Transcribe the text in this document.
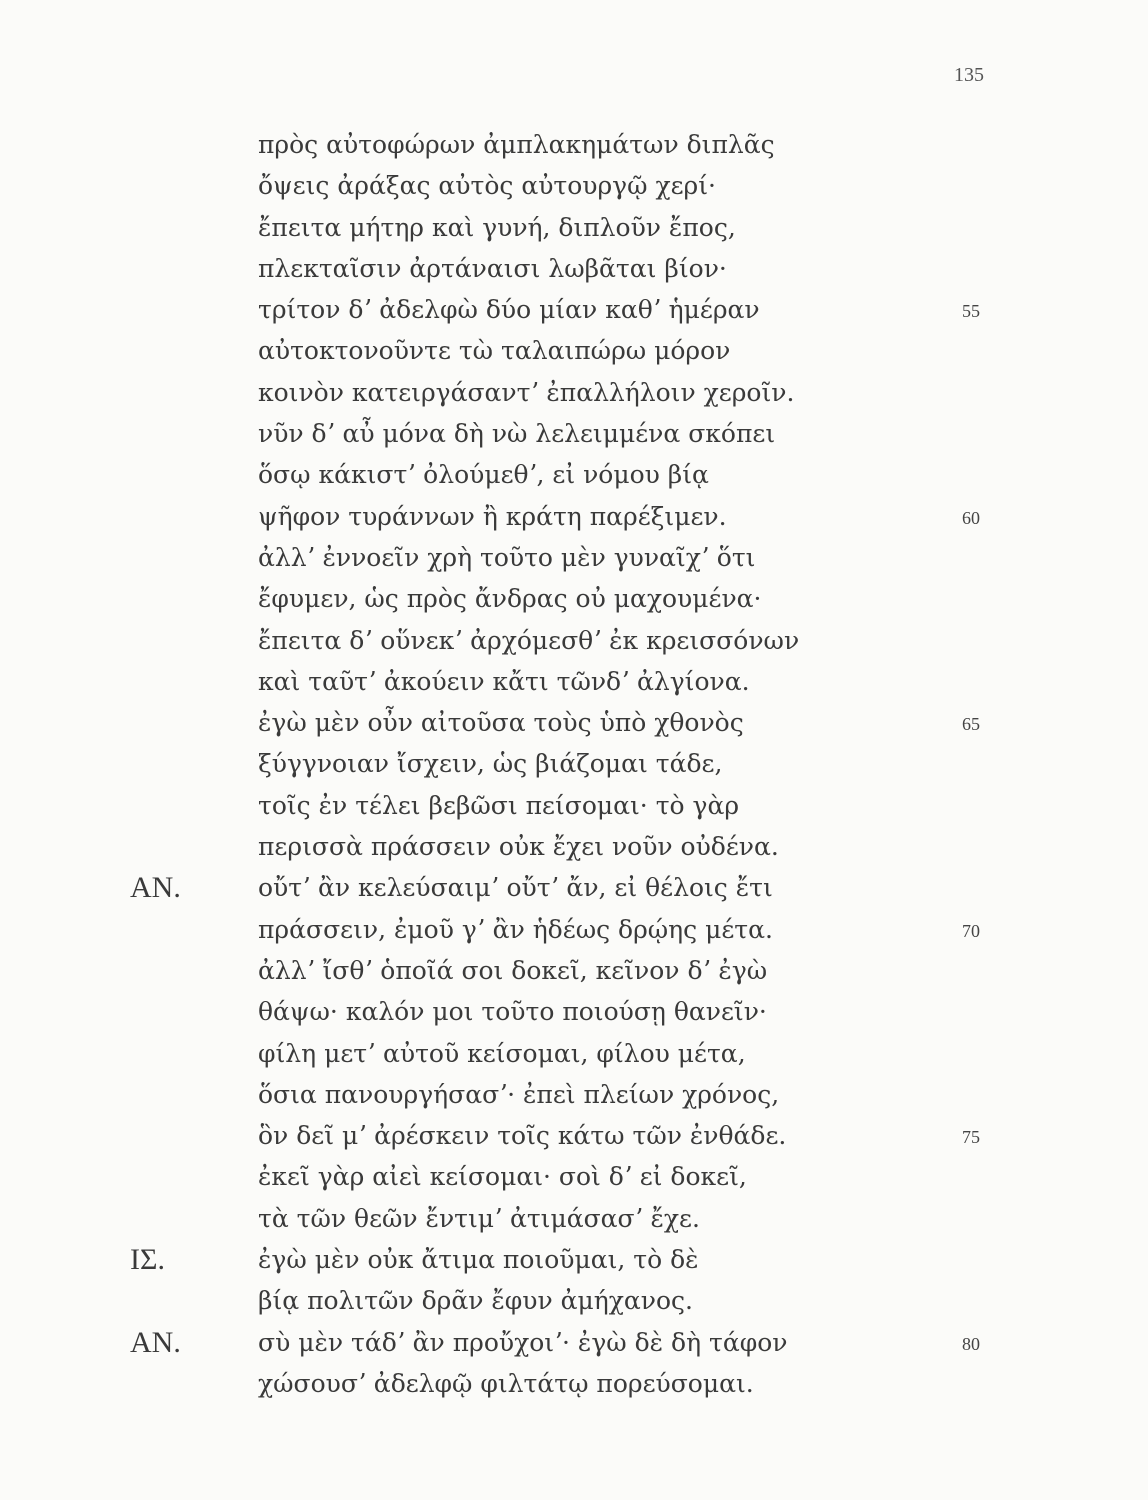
135
πρὸς αὐτοφώρων ἀμπλακημάτων διπλᾶς
ὄψεις ἀράξας αὐτὸς αὐτουργῷ χερί·
ἔπειτα μήτηρ καὶ γυνή, διπλοῦν ἔπος,
πλεκταῖσιν ἀρτάναισι λωβᾶται βίον·
τρίτον δʼ ἀδελφὼ δύο μίαν καθʼ ἡμέραν	55
αὐτοκτονοῦντε τὼ ταλαιπώρω μόρον
κοινὸν κατειργάσαντʼ ἐπαλλήλοιν χεροῖν.
νῦν δʼ αὖ μόνα δὴ νὼ λελειμμένα σκόπει
ὅσῳ κάκιστʼ ὀλούμεθʼ, εἰ νόμου βίᾳ
ψῆφον τυράννων ἢ κράτη παρέξιμεν.	60
ἀλλʼ ἐννοεῖν χρὴ τοῦτο μὲν γυναῖχʼ ὅτι
ἔφυμεν, ὡς πρὸς ἄνδρας οὐ μαχουμένα·
ἔπειτα δʼ οὕνεκʼ ἀρχόμεσθʼ ἐκ κρεισσόνων
καὶ ταῦτʼ ἀκούειν κἄτι τῶνδʼ ἀλγίονα.
ἐγὼ μὲν οὖν αἰτοῦσα τοὺς ὑπὸ χθονὸς	65
ξύγγνοιαν ἴσχειν, ὡς βιάζομαι τάδε,
τοῖς ἐν τέλει βεβῶσι πείσομαι· τὸ γὰρ
περισσὰ πράσσειν οὐκ ἔχει νοῦν οὐδένα.
ΑΝ.	οὔτʼ ἂν κελεύσαιμʼ οὔτʼ ἄν, εἰ θέλοις ἔτι
πράσσειν, ἐμοῦ γʼ ἂν ἡδέως δρῴης μέτα.	70
ἀλλʼ ἴσθʼ ὁποῖά σοι δοκεῖ, κεῖνον δʼ ἐγὼ
θάψω· καλόν μοι τοῦτο ποιούσῃ θανεῖν·
φίλη μετʼ αὐτοῦ κείσομαι, φίλου μέτα,
ὅσια πανουργήσασʼ· ἐπεὶ πλείων χρόνος,
ὃν δεῖ μʼ ἀρέσκειν τοῖς κάτω τῶν ἐνθάδε.	75
ἐκεῖ γὰρ αἰεὶ κείσομαι· σοὶ δʼ εἰ δοκεῖ,
τὰ τῶν θεῶν ἔντιμʼ ἀτιμάσασʼ ἔχε.
ΙΣ.	ἐγὼ μὲν οὐκ ἄτιμα ποιοῦμαι, τὸ δὲ
βίᾳ πολιτῶν δρᾶν ἔφυν ἀμήχανος.
ΑΝ.	σὺ μὲν τάδʼ ἂν προὔχοιʼ· ἐγὼ δὲ δὴ τάφον	80
χώσουσʼ ἀδελφῷ φιλτάτῳ πορεύσομαι.
